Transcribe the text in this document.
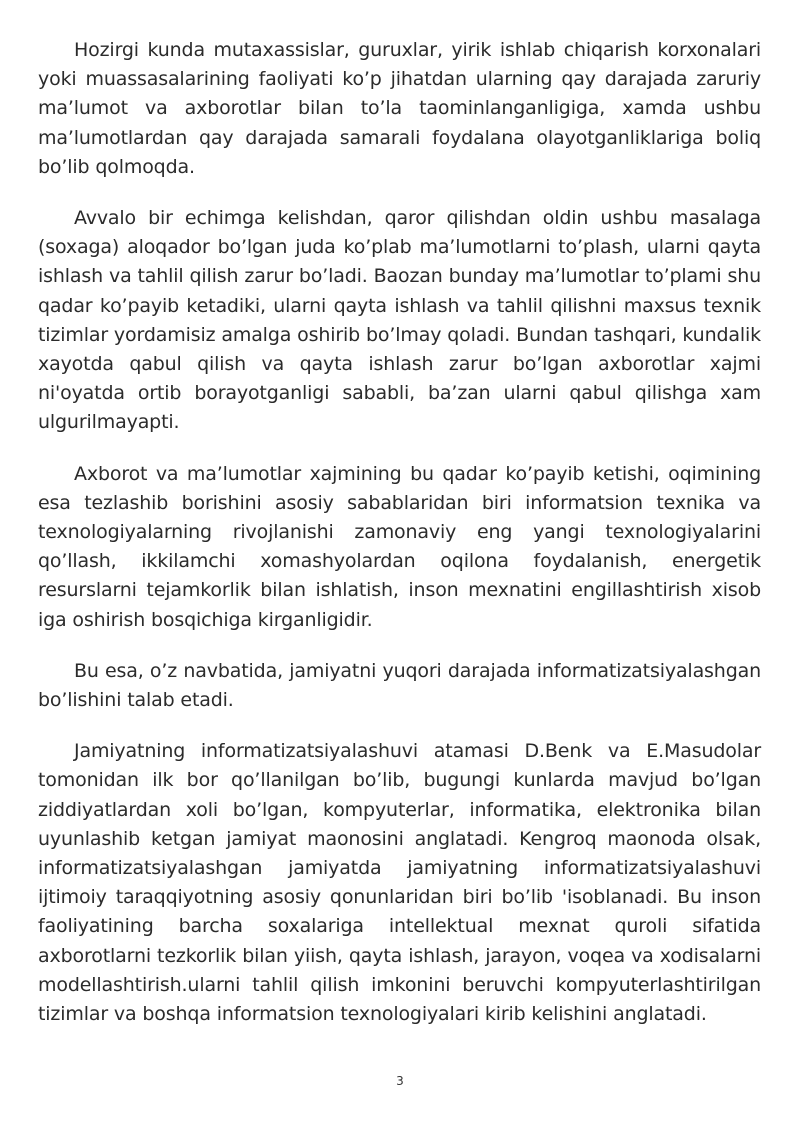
Hozirgi kunda mutaxassislar, guruxlar, yirik ishlab chiqarish korxonalari yoki muassasalarining faoliyati ko’p jihatdan ularning qay darajada zaruriy ma’lumot va axborotlar bilan to’la taominlanganligiga, xamda ushbu ma’lumotlardan qay darajada samarali foydalana olayotganliklariga boliq bo’lib qolmoqda.

Avvalo bir echimga kelishdan, qaror qilishdan oldin ushbu masalaga (soxaga) aloqador bo’lgan juda ko’plab ma’lumotlarni to’plash, ularni qayta ishlash va tahlil qilish zarur bo’ladi. Baozan bunday ma’lumotlar to’plami shu qadar ko’payib ketadiki, ularni qayta ishlash va tahlil qilishni maxsus texnik tizimlar yordamisiz amalga oshirib bo’lmay qoladi. Bundan tashqari, kundalik xayotda qabul qilish va qayta ishlash zarur bo’lgan axborotlar xajmi ni'oyatda ortib borayotganligi sababli, ba’zan ularni qabul qilishga xam ulgurilmayapti.

Axborot va ma’lumotlar xajmining bu qadar ko’payib ketishi, oqimining esa tezlashib borishini asosiy sabablaridan biri informatsion texnika va texnologiyalarning rivojlanishi zamonaviy eng yangi texnologiyalarini qo’llash, ikkilamchi xomashyolardan oqilona foydalanish, energetik resurslarni tejamkorlik bilan ishlatish, inson mexnatini engillashtirish xisob iga oshirish bosqichiga kirganligidir.

Bu esa, o’z navbatida, jamiyatni yuqori darajada informatizatsiyalashgan bo’lishini talab etadi.

Jamiyatning informatizatsiyalashuvi atamasi D.Benk va E.Masudolar tomonidan ilk bor qo’llanilgan bo’lib, bugungi kunlarda mavjud bo’lgan ziddiyatlardan xoli bo’lgan, kompyuterlar, informatika, elektronika bilan uyunlashib ketgan jamiyat maonosini anglatadi. Kengroq maonoda olsak, informatizatsiyalashgan jamiyatda jamiyatning informatizatsiyalashuvi ijtimoiy taraqqiyotning asosiy qonunlaridan biri bo’lib 'isoblanadi. Bu inson faoliyatining barcha soxalariga intellektual mexnat quroli sifatida axborotlarni tezkorlik bilan yiish, qayta ishlash, jarayon, voqea va xodisalarni modellashtirish.ularni tahlil qilish imkonini beruvchi kompyuterlashtirilgan tizimlar va boshqa informatsion texnologiyalari kirib kelishini anglatadi.

3
